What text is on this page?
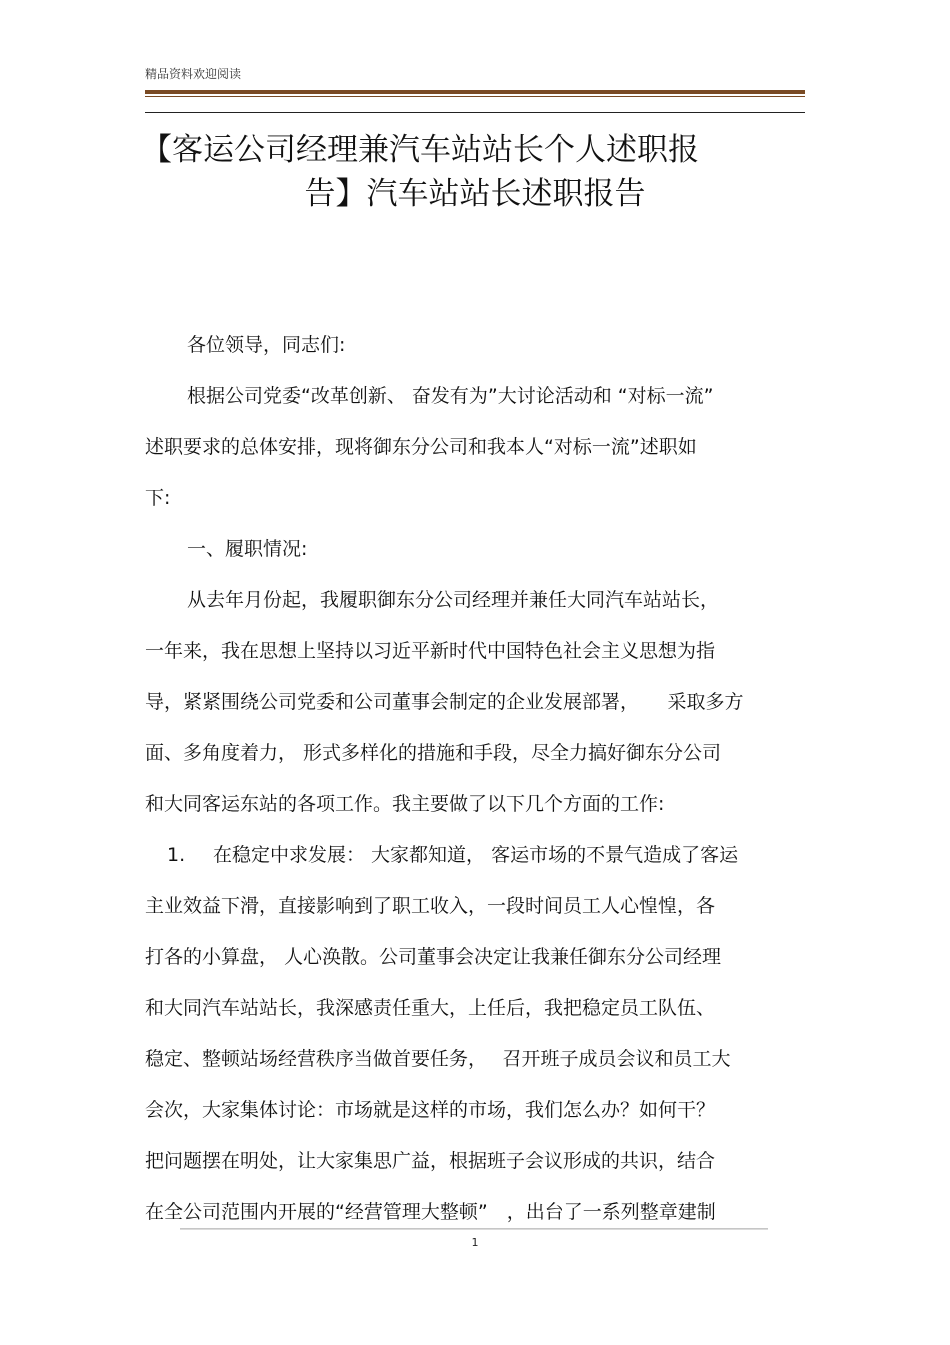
精品资料欢迎阅读
【客运公司经理兼汽车站站长个人述职报
告】汽车站站长述职报告
各位领导，同志们:
根据公司党委“改革创新、 奋发有为”大讨论活动和 “对标一流”
述职要求的总体安排，现将御东分公司和我本人“对标一流”述职如
下:
一、履职情况:
从去年月份起，我履职御东分公司经理并兼任大同汽车站站长，
一年来，我在思想上坚持以习近平新时代中国特色社会主义思想为指
导，紧紧围绕公司党委和公司董事会制定的企业发展部署，　　采取多方
面、多角度着力， 形式多样化的措施和手段，尽全力搞好御东分公司
和大同客运东站的各项工作。我主要做了以下几个方面的工作:
1. 在稳定中求发展： 大家都知道， 客运市场的不景气造成了客运
主业效益下滑，直接影响到了职工收入，一段时间员工人心惶惶，各
打各的小算盘， 人心涣散。公司董事会决定让我兼任御东分公司经理
和大同汽车站站长，我深感责任重大，上任后，我把稳定员工队伍、
稳定、整顿站场经营秩序当做首要任务，　 召开班子成员会议和员工大
会次，大家集体讨论：市场就是这样的市场，我们怎么办？如何干？
把问题摆在明处，让大家集思广益，根据班子会议形成的共识，结合
在全公司范围内开展的“经营管理大整顿”　，出台了一系列整章建制
1
